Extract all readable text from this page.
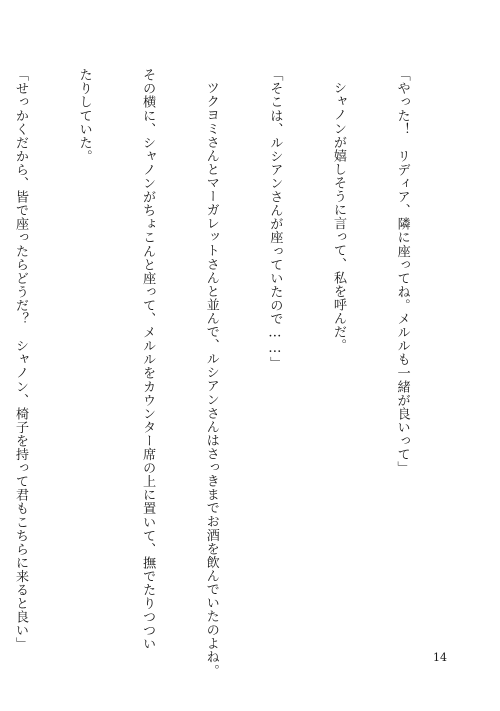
「やった！　リディア、隣に座ってね。メルルも一緒が良いって」

シャノンが嬉しそうに言って、私を呼んだ。

「そこは、ルシアンさんが座っていたので……」

ツクヨミさんとマーガレットさんと並んで、ルシアンさんはさっきまでお酒を飲んでいたのよね。

その横に、シャノンがちょこんと座って、メルルをカウンター席の上に置いて、撫でたりつつい

たりしていた。

「せっかくだから、皆で座ったらどうだ？　シャノン、椅子を持って君もこちらに来ると良い」

14
